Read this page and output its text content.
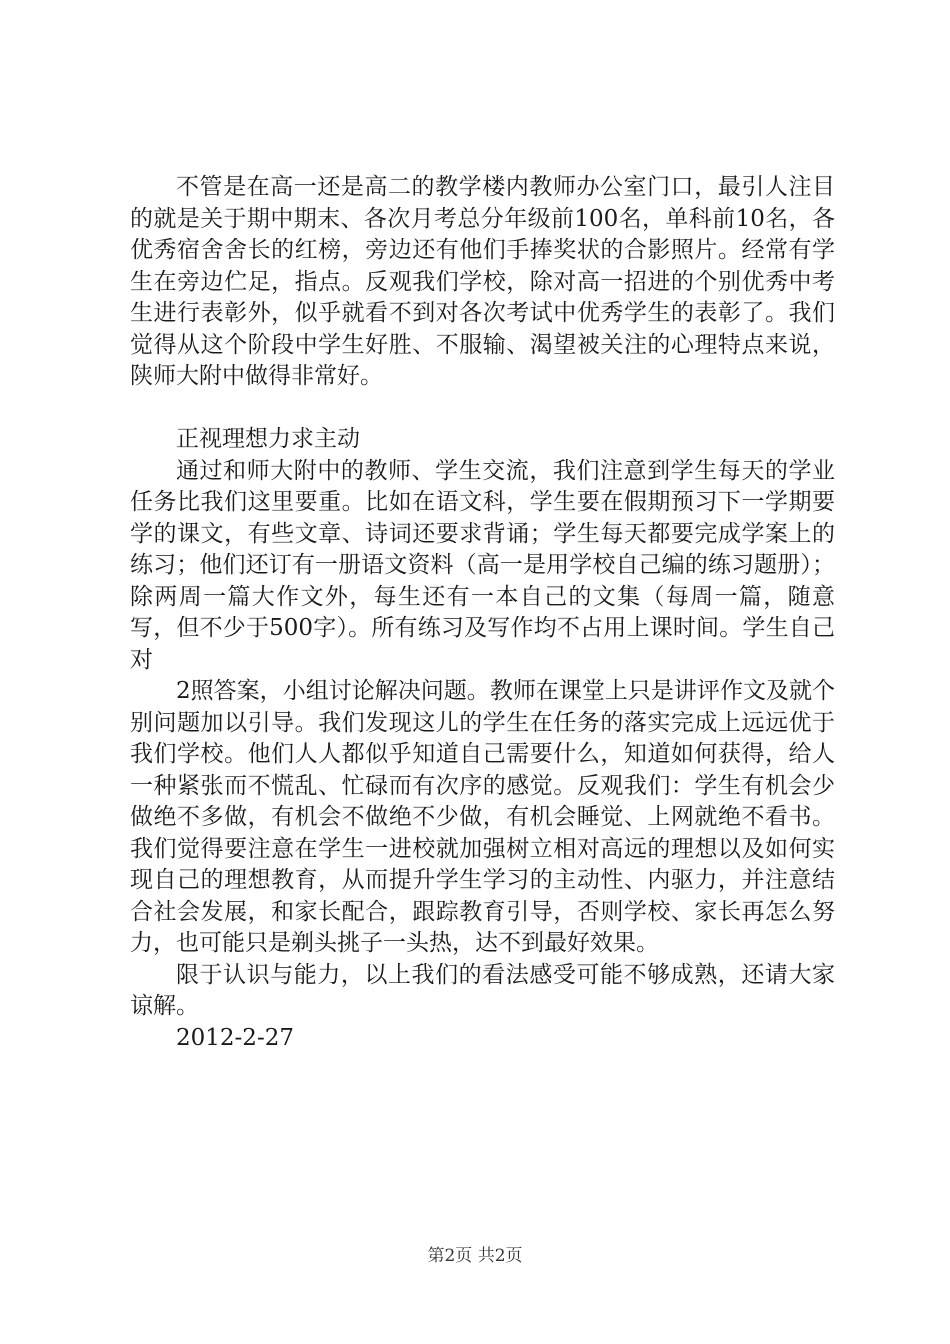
不管是在高一还是高二的教学楼内教师办公室门口，最引人注目的就是关于期中期末、各次月考总分年级前100名，单科前10名，各优秀宿舍舍长的红榜，旁边还有他们手捧奖状的合影照片。经常有学生在旁边伫足，指点。反观我们学校，除对高一招进的个别优秀中考生进行表彰外，似乎就看不到对各次考试中优秀学生的表彰了。我们觉得从这个阶段中学生好胜、不服输、渴望被关注的心理特点来说，陕师大附中做得非常好。

正视理想力求主动

通过和师大附中的教师、学生交流，我们注意到学生每天的学业任务比我们这里要重。比如在语文科，学生要在假期预习下一学期要学的课文，有些文章、诗词还要求背诵；学生每天都要完成学案上的练习；他们还订有一册语文资料（高一是用学校自己编的练习题册）；除两周一篇大作文外，每生还有一本自己的文集（每周一篇，随意写，但不少于500字）。所有练习及写作均不占用上课时间。学生自己对

2照答案，小组讨论解决问题。教师在课堂上只是讲评作文及就个别问题加以引导。我们发现这儿的学生在任务的落实完成上远远优于我们学校。他们人人都似乎知道自己需要什么，知道如何获得，给人一种紧张而不慌乱、忙碌而有次序的感觉。反观我们：学生有机会少做绝不多做，有机会不做绝不少做，有机会睡觉、上网就绝不看书。我们觉得要注意在学生一进校就加强树立相对高远的理想以及如何实现自己的理想教育，从而提升学生学习的主动性、内驱力，并注意结合社会发展，和家长配合，跟踪教育引导，否则学校、家长再怎么努力，也可能只是剃头挑子一头热，达不到最好效果。

限于认识与能力，以上我们的看法感受可能不够成熟，还请大家谅解。

2012-2-27

第2页 共2页
